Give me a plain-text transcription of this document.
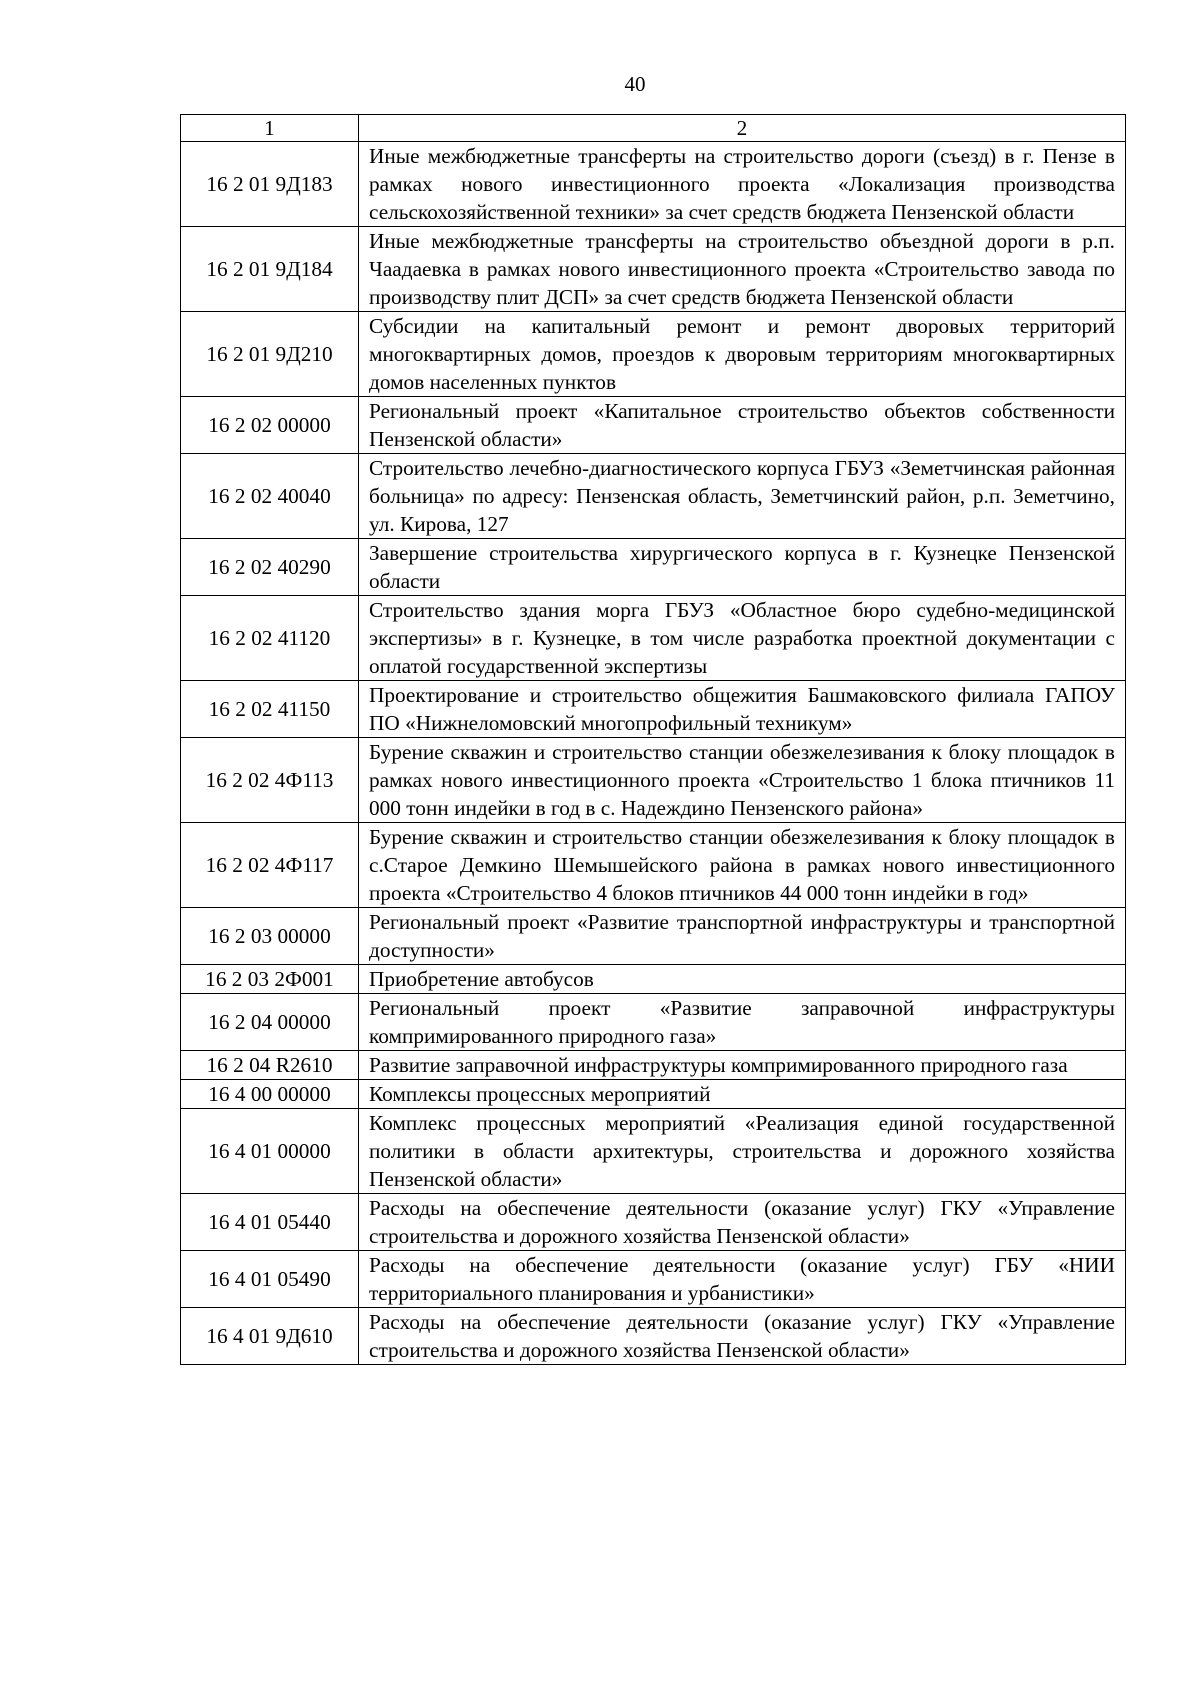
40
1	2
16 2 01 9Д183	Иные межбюджетные трансферты на строительство дороги (съезд) в г. Пензе в рамках нового инвестиционного проекта «Локализация производства сельскохозяйственной техники» за счет средств бюджета Пензенской области
16 2 01 9Д184	Иные межбюджетные трансферты на строительство объездной дороги в р.п. Чаадаевка в рамках нового инвестиционного проекта «Строительство завода по производству плит ДСП» за счет средств бюджета Пензенской области
16 2 01 9Д210	Субсидии на капитальный ремонт и ремонт дворовых территорий многоквартирных домов, проездов к дворовым территориям многоквартирных домов населенных пунктов
16 2 02 00000	Региональный проект «Капитальное строительство объектов собственности Пензенской области»
16 2 02 40040	Строительство лечебно-диагностического корпуса ГБУЗ «Земетчинская районная больница» по адресу: Пензенская область, Земетчинский район, р.п. Земетчино, ул. Кирова, 127
16 2 02 40290	Завершение строительства хирургического корпуса в г. Кузнецке Пензенской области
16 2 02 41120	Строительство здания морга ГБУЗ «Областное бюро судебно-медицинской экспертизы» в г. Кузнецке, в том числе разработка проектной документации с оплатой государственной экспертизы
16 2 02 41150	Проектирование и строительство общежития Башмаковского филиала ГАПОУ ПО «Нижнеломовский многопрофильный техникум»
16 2 02 4Ф113	Бурение скважин и строительство станции обезжелезивания к блоку площадок в рамках нового инвестиционного проекта «Строительство 1 блока птичников 11 000 тонн индейки в год в с. Надеждино Пензенского района»
16 2 02 4Ф117	Бурение скважин и строительство станции обезжелезивания к блоку площадок в с.Старое Демкино Шемышейского района в рамках нового инвестиционного проекта «Строительство 4 блоков птичников 44 000 тонн индейки в год»
16 2 03 00000	Региональный проект «Развитие транспортной инфраструктуры и транспортной доступности»
16 2 03 2Ф001	Приобретение автобусов
16 2 04 00000	Региональный проект «Развитие заправочной инфраструктуры компримированного природного газа»
16 2 04 R2610	Развитие заправочной инфраструктуры компримированного природного газа
16 4 00 00000	Комплексы процессных мероприятий
16 4 01 00000	Комплекс процессных мероприятий «Реализация единой государственной политики в области архитектуры, строительства и дорожного хозяйства Пензенской области»
16 4 01 05440	Расходы на обеспечение деятельности (оказание услуг) ГКУ «Управление строительства и дорожного хозяйства Пензенской области»
16 4 01 05490	Расходы на обеспечение деятельности (оказание услуг) ГБУ «НИИ территориального планирования и урбанистики»
16 4 01 9Д610	Расходы на обеспечение деятельности (оказание услуг) ГКУ «Управление строительства и дорожного хозяйства Пензенской области»
